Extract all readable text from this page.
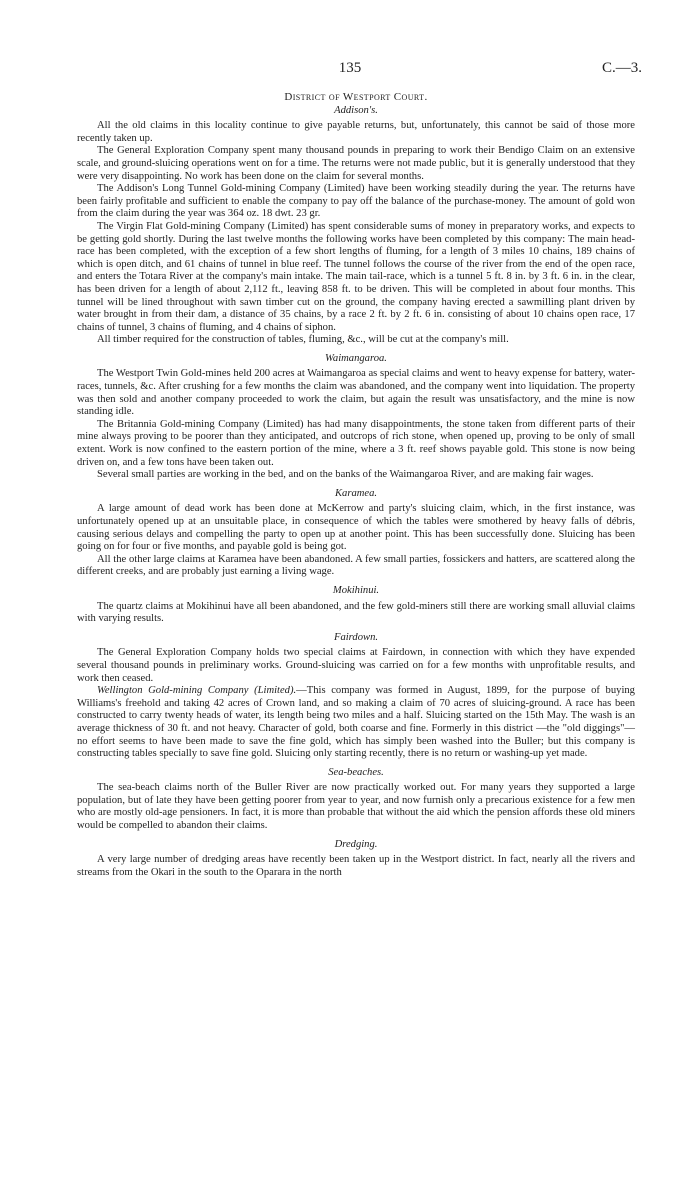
135	C.—3.
District of Westport Court.
Addison's.

All the old claims in this locality continue to give payable returns, but, unfortunately, this cannot be said of those more recently taken up.

The General Exploration Company spent many thousand pounds in preparing to work their Bendigo Claim on an extensive scale, and ground-sluicing operations went on for a time. The returns were not made public, but it is generally understood that they were very disappointing. No work has been done on the claim for several months.

The Addison's Long Tunnel Gold-mining Company (Limited) have been working steadily during the year. The returns have been fairly profitable and sufficient to enable the company to pay off the balance of the purchase-money. The amount of gold won from the claim during the year was 364 oz. 18 dwt. 23 gr.

The Virgin Flat Gold-mining Company (Limited) has spent considerable sums of money in preparatory works, and expects to be getting gold shortly. During the last twelve months the following works have been completed by this company: The main head-race has been completed, with the exception of a few short lengths of fluming, for a length of 3 miles 10 chains, 189 chains of which is open ditch, and 61 chains of tunnel in blue reef. The tunnel follows the course of the river from the end of the open race, and enters the Totara River at the company's main intake. The main tail-race, which is a tunnel 5 ft. 8 in. by 3 ft. 6 in. in the clear, has been driven for a length of about 2,112 ft., leaving 858 ft. to be driven. This will be completed in about four months. This tunnel will be lined throughout with sawn timber cut on the ground, the company having erected a sawmilling plant driven by water brought in from their dam, a distance of 35 chains, by a race 2 ft. by 2 ft. 6 in. consisting of about 10 chains open race, 17 chains of tunnel, 3 chains of fluming, and 4 chains of siphon.

All timber required for the construction of tables, fluming, &c., will be cut at the company's mill.

Waimangaroa.

The Westport Twin Gold-mines held 200 acres at Waimangaroa as special claims and went to heavy expense for battery, water-races, tunnels, &c. After crushing for a few months the claim was abandoned, and the company went into liquidation. The property was then sold and another company proceeded to work the claim, but again the result was unsatisfactory, and the mine is now standing idle.

The Britannia Gold-mining Company (Limited) has had many disappointments, the stone taken from different parts of their mine always proving to be poorer than they anticipated, and outcrops of rich stone, when opened up, proving to be only of small extent. Work is now confined to the eastern portion of the mine, where a 3 ft. reef shows payable gold. This stone is now being driven on, and a few tons have been taken out.

Several small parties are working in the bed, and on the banks of the Waimangaroa River, and are making fair wages.

Karamea.

A large amount of dead work has been done at McKerrow and party's sluicing claim, which, in the first instance, was unfortunately opened up at an unsuitable place, in consequence of which the tables were smothered by heavy falls of débris, causing serious delays and compelling the party to open up at another point. This has been successfully done. Sluicing has been going on for four or five months, and payable gold is being got.

All the other large claims at Karamea have been abandoned. A few small parties, fossickers and hatters, are scattered along the different creeks, and are probably just earning a living wage.

Mokihinui.

The quartz claims at Mokihinui have all been abandoned, and the few gold-miners still there are working small alluvial claims with varying results.

Fairdown.

The General Exploration Company holds two special claims at Fairdown, in connection with which they have expended several thousand pounds in preliminary works. Ground-sluicing was carried on for a few months with unprofitable results, and work then ceased.

Wellington Gold-mining Company (Limited).—This company was formed in August, 1899, for the purpose of buying Williams's freehold and taking 42 acres of Crown land, and so making a claim of 70 acres of sluicing-ground. A race has been constructed to carry twenty heads of water, its length being two miles and a half. Sluicing started on the 15th May. The wash is an average thickness of 30 ft. and not heavy. Character of gold, both coarse and fine. Formerly in this district —the "old diggings"—no effort seems to have been made to save the fine gold, which has simply been washed into the Buller; but this company is constructing tables specially to save fine gold. Sluicing only starting recently, there is no return or washing-up yet made.

Sea-beaches.

The sea-beach claims north of the Buller River are now practically worked out. For many years they supported a large population, but of late they have been getting poorer from year to year, and now furnish only a precarious existence for a few men who are mostly old-age pensioners. In fact, it is more than probable that without the aid which the pension affords these old miners would be compelled to abandon their claims.

Dredging.

A very large number of dredging areas have recently been taken up in the Westport district. In fact, nearly all the rivers and streams from the Okari in the south to the Oparara in the north
